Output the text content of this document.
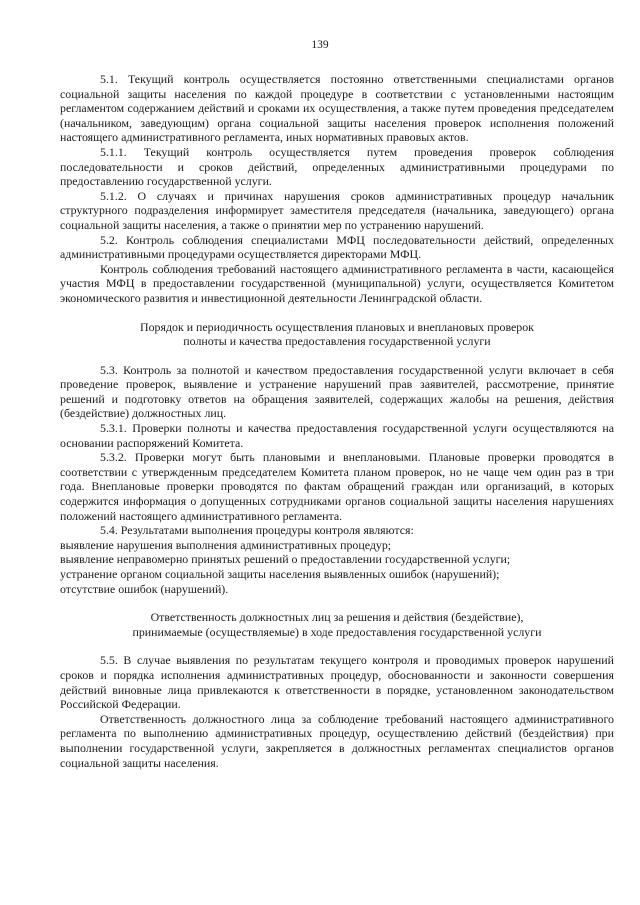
139

5.1. Текущий контроль осуществляется постоянно ответственными специалистами органов социальной защиты населения по каждой процедуре в соответствии с установленными настоящим регламентом содержанием действий и сроками их осуществления, а также путем проведения председателем (начальником, заведующим) органа социальной защиты населения проверок исполнения положений настоящего административного регламента, иных нормативных правовых актов.

5.1.1. Текущий контроль осуществляется путем проведения проверок соблюдения последовательности и сроков действий, определенных административными процедурами по предоставлению государственной услуги.

5.1.2. О случаях и причинах нарушения сроков административных процедур начальник структурного подразделения информирует заместителя председателя (начальника, заведующего) органа социальной защиты населения, а также о принятии мер по устранению нарушений.

5.2. Контроль соблюдения специалистами МФЦ последовательности действий, определенных административными процедурами осуществляется директорами МФЦ.

Контроль соблюдения требований настоящего административного регламента в части, касающейся участия МФЦ в предоставлении государственной (муниципальной) услуги, осуществляется Комитетом экономического развития и инвестиционной деятельности Ленинградской области.

Порядок и периодичность осуществления плановых и внеплановых проверок

полноты и качества предоставления государственной услуги

5.3. Контроль за полнотой и качеством предоставления государственной услуги включает в себя проведение проверок, выявление и устранение нарушений прав заявителей, рассмотрение, принятие решений и подготовку ответов на обращения заявителей, содержащих жалобы на решения, действия (бездействие) должностных лиц.

5.3.1. Проверки полноты и качества предоставления государственной услуги осуществляются на основании распоряжений Комитета.

5.3.2. Проверки могут быть плановыми и внеплановыми. Плановые проверки проводятся в соответствии с утвержденным председателем Комитета планом проверок, но не чаще чем один раз в три года. Внеплановые проверки проводятся по фактам обращений граждан или организаций, в которых содержится информация о допущенных сотрудниками органов социальной защиты населения нарушениях положений настоящего административного регламента.

5.4. Результатами выполнения процедуры контроля являются:

выявление нарушения выполнения административных процедур;

выявление неправомерно принятых решений о предоставлении государственной услуги;

устранение органом социальной защиты населения выявленных ошибок (нарушений);

отсутствие ошибок (нарушений).

Ответственность должностных лиц за решения и действия (бездействие),

принимаемые (осуществляемые) в ходе предоставления государственной услуги

5.5. В случае выявления по результатам текущего контроля и проводимых проверок нарушений сроков и порядка исполнения административных процедур, обоснованности и законности совершения действий виновные лица привлекаются к ответственности в порядке, установленном законодательством Российской Федерации.

Ответственность должностного лица за соблюдение требований настоящего административного регламента по выполнению административных процедур, осуществлению действий (бездействия) при выполнении государственной услуги, закрепляется в должностных регламентах специалистов органов социальной защиты населения.
